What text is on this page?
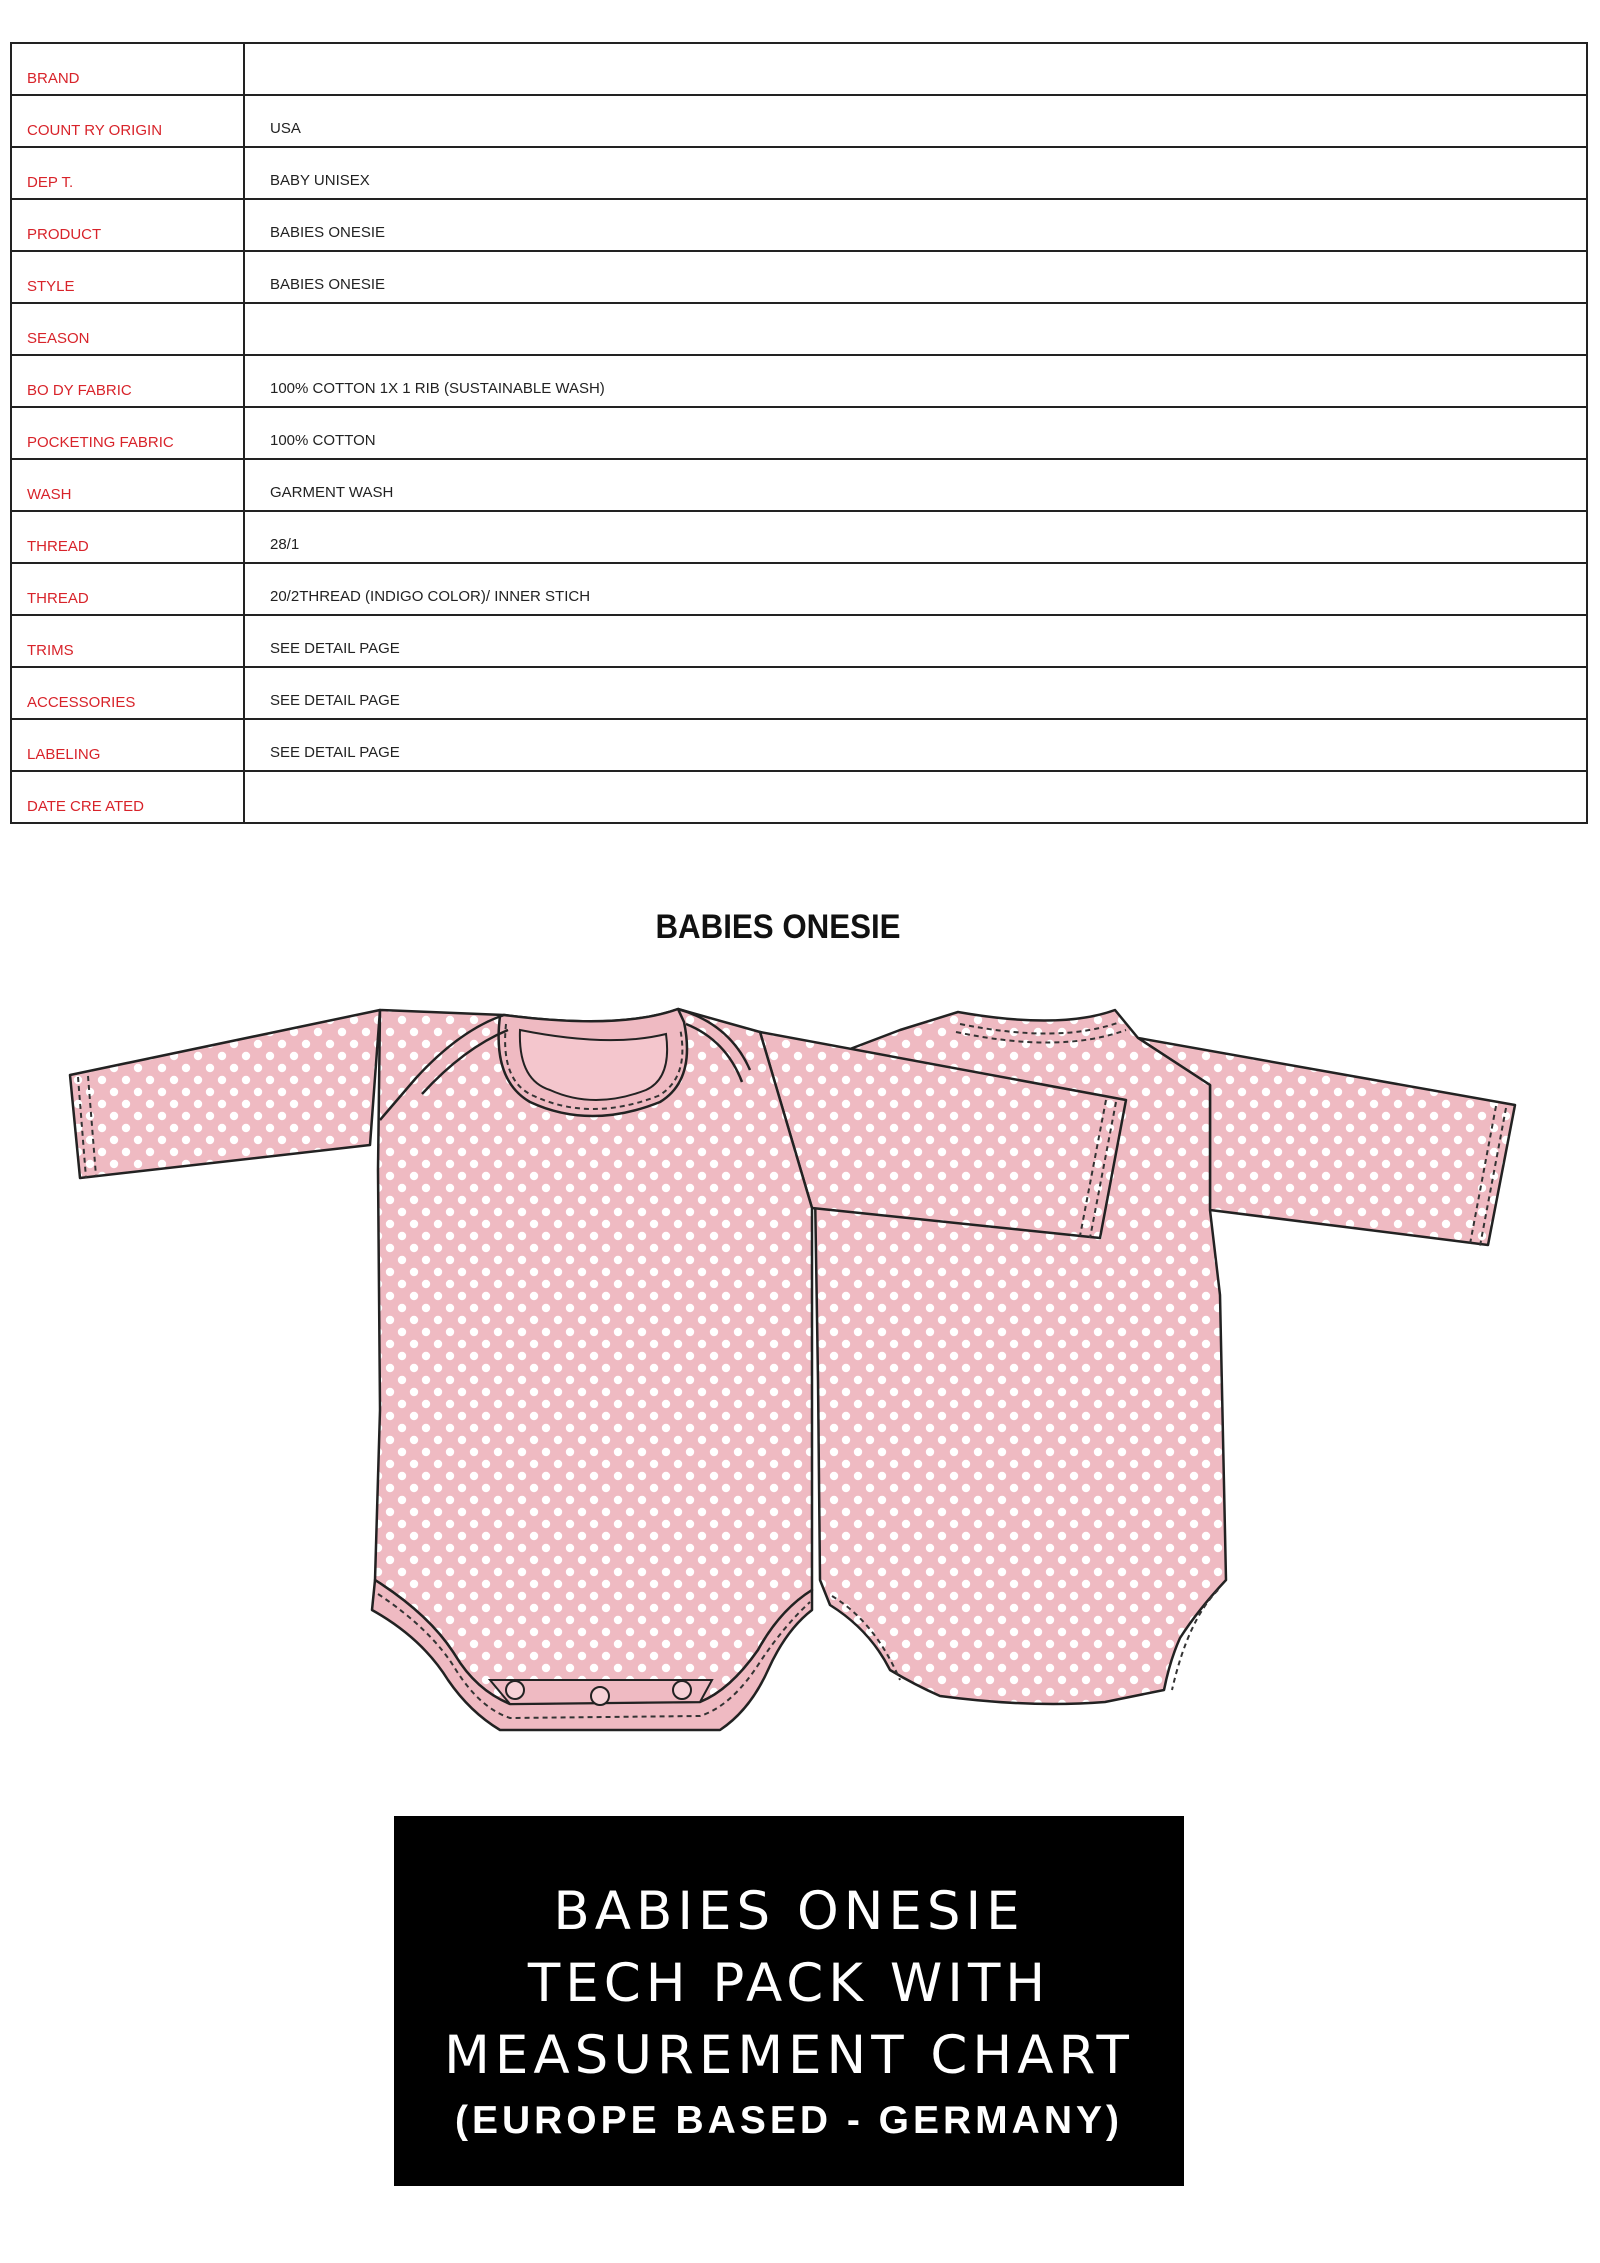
BRAND	
COUNT RY ORIGIN	USA
DEP T.	BABY UNISEX
PRODUCT	BABIES ONESIE
STYLE	BABIES ONESIE
SEASON	
BO DY FABRIC	100% COTTON 1X 1 RIB (SUSTAINABLE WASH)
POCKETING FABRIC	100% COTTON
WASH	GARMENT WASH
THREAD	28/1
THREAD	20/2THREAD (INDIGO COLOR)/ INNER STICH
TRIMS	SEE DETAIL PAGE
ACCESSORIES	SEE DETAIL PAGE
LABELING	SEE DETAIL PAGE
DATE CRE ATED	
BABIES ONESIE
BABIES ONESIE
TECH PACK WITH
MEASUREMENT CHART
(EUROPE BASED - GERMANY)
